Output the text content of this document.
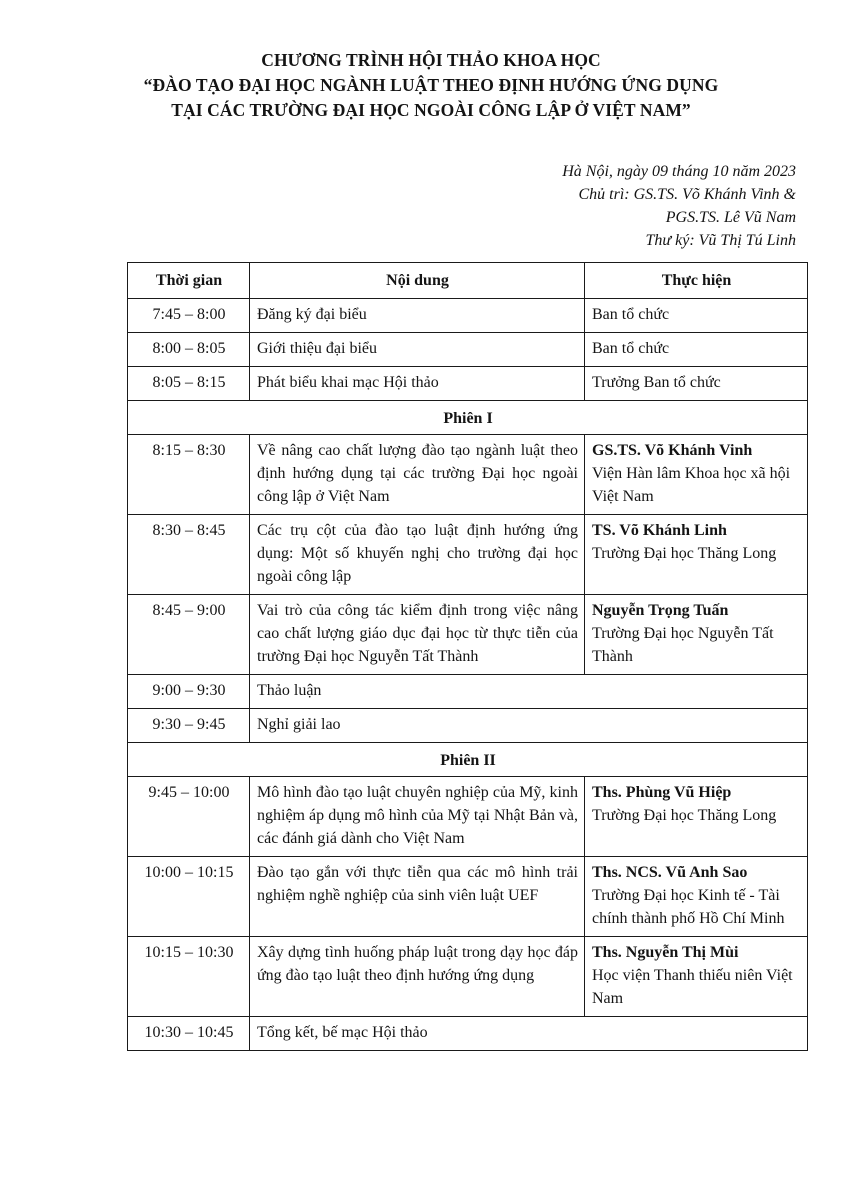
CHƯƠNG TRÌNH HỘI THẢO KHOA HỌC
“ĐÀO TẠO ĐẠI HỌC NGÀNH LUẬT THEO ĐỊNH HƯỚNG ỨNG DỤNG
TẠI CÁC TRƯỜNG ĐẠI HỌC NGOÀI CÔNG LẬP Ở VIỆT NAM”
Hà Nội, ngày 09 tháng 10 năm 2023
Chủ trì: GS.TS. Võ Khánh Vinh &
PGS.TS. Lê Vũ Nam
Thư ký: Vũ Thị Tú Linh
Thời gian	Nội dung	Thực hiện
7:45 – 8:00	Đăng ký đại biểu	Ban tổ chức
8:00 – 8:05	Giới thiệu đại biểu	Ban tổ chức
8:05 – 8:15	Phát biểu khai mạc Hội thảo	Trưởng Ban tổ chức
Phiên I		
8:15 – 8:30	Về nâng cao chất lượng đào tạo ngành luật theo định hướng dụng tại các trường Đại học ngoài công lập ở Việt Nam	GS.TS. Võ Khánh Vinh
Viện Hàn lâm Khoa học xã hội Việt Nam

8:30 – 8:45	Các trụ cột của đào tạo luật định hướng ứng dụng: Một số khuyến nghị cho trường đại học ngoài công lập	TS. Võ Khánh Linh
Trường Đại học Thăng Long

8:45 – 9:00	Vai trò của công tác kiểm định trong việc nâng cao chất lượng giáo dục đại học từ thực tiễn của trường Đại học Nguyễn Tất Thành	Nguyễn Trọng Tuấn
Trường Đại học Nguyễn Tất Thành

9:00 – 9:30	Thảo luận	
9:30 – 9:45	Nghỉ giải lao	
Phiên II		
9:45 – 10:00	Mô hình đào tạo luật chuyên nghiệp của Mỹ, kinh nghiệm áp dụng mô hình của Mỹ tại Nhật Bản và, các đánh giá dành cho Việt Nam	Ths. Phùng Vũ Hiệp
Trường Đại học Thăng Long

10:00 – 10:15	Đào tạo gắn với thực tiễn qua các mô hình trải nghiệm nghề nghiệp của sinh viên luật UEF	Ths. NCS. Vũ Anh Sao
Trường Đại học Kinh tế - Tài chính thành phố Hồ Chí Minh

10:15 – 10:30	Xây dựng tình huống pháp luật trong dạy học đáp ứng đào tạo luật theo định hướng ứng dụng	Ths. Nguyễn Thị Mùi
Học viện Thanh thiếu niên Việt Nam

10:30 – 10:45	Tổng kết, bế mạc Hội thảo	
